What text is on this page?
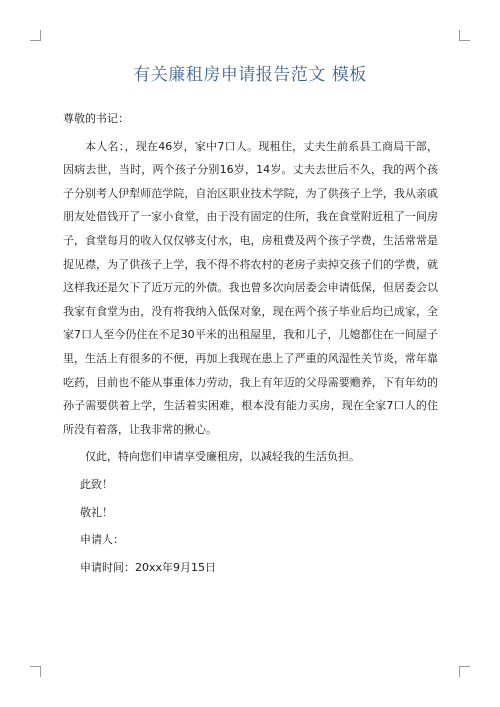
有关廉租房申请报告范文 模板

尊敬的书记：

本人名：，现在46岁，家中7口人。现租住，丈夫生前系县工商局干部，因病去世，当时，两个孩子分别16岁，14岁。丈夫去世后不久，我的两个孩子分别考人伊犁师范学院，自治区职业技术学院，为了供孩子上学，我从亲戚朋友处借钱开了一家小食堂，由于没有固定的住所，我在食堂附近租了一间房子，食堂每月的收入仅仅够支付水，电，房租费及两个孩子学费，生活常常是捉见襟，为了供孩子上学，我不得不将农村的老房子卖掉交孩子们的学费，就这样我还是欠下了近万元的外债。我也曾多次向居委会申请低保，但居委会以我家有食堂为由，没有将我纳入低保对象，现在两个孩子毕业后均已成家，全家7口人至今仍住在不足30平米的出租屋里，我和儿子，儿媳都住在一间屋子里，生活上有很多的不便，再加上我现在患上了严重的风湿性关节炎，常年靠吃药，目前也不能从事重体力劳动，我上有年迈的父母需要赡养，下有年幼的孙子需要供着上学，生活着实困难，根本没有能力买房，现在全家7口人的住所没有着落，让我非常的揪心。

仅此，特向您们申请享受廉租房，以减轻我的生活负担。

此致！

敬礼！

申请人：

申请时间：20xx年9月15日
